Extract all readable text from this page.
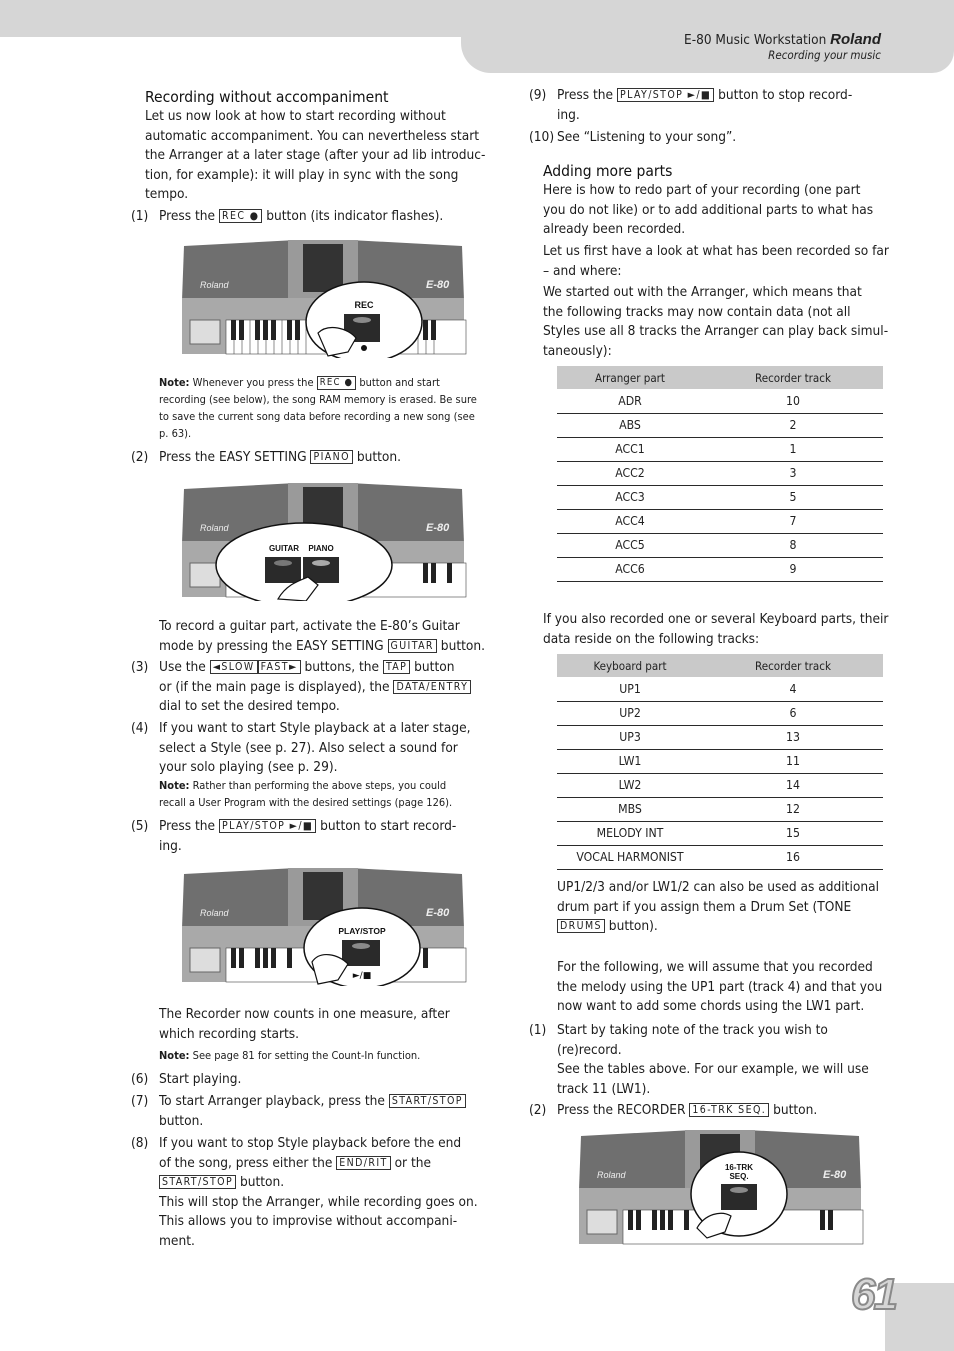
E-80 Music Workstation Roland
Recording your music
61
Recording without accompaniment
Let us now look at how to start recording without
automatic accompaniment. You can nevertheless start
the Arranger at a later stage (after your ad lib introduc-
tion, for example): it will play in sync with the song
tempo.
(1) Press the REC ● button (its indicator flashes).
Roland	E-80
REC
Note: Whenever you press the REC ● button and start
recording (see below), the song RAM memory is erased. Be sure
to save the current song data before recording a new song (see
p. 63).
(2) Press the EASY SETTING PIANO button.
Roland	E-80
GUITAR PIANO
To record a guitar part, activate the E-80’s Guitar
mode by pressing the EASY SETTING GUITAR button.
(3) Use the ◄SLOW FAST► buttons, the TAP button
or (if the main page is displayed), the DATA/ENTRY
dial to set the desired tempo.
(4) If you want to start Style playback at a later stage,
select a Style (see p. 27). Also select a sound for
your solo playing (see p. 29).
Note: Rather than performing the above steps, you could
recall a User Program with the desired settings (page 126).
(5) Press the PLAY/STOP ►/■ button to start record-
ing.
Roland	E-80
PLAY/STOP
►/■
The Recorder now counts in one measure, after
which recording starts.
Note: See page 81 for setting the Count-In function.
(6) Start playing.
(7) To start Arranger playback, press the START/STOP
button.
(8) If you want to stop Style playback before the end
of the song, press either the END/RIT or the
START/STOP button.
This will stop the Arranger, while recording goes on.
This allows you to improvise without accompani-
ment.
(9) Press the PLAY/STOP ►/■ button to stop record-
ing.
(10) See “Listening to your song”.
Adding more parts
Here is how to redo part of your recording (one part
you do not like) or to add additional parts to what has
already been recorded.
Let us first have a look at what has been recorded so far
– and where:
We started out with the Arranger, which means that
the following tracks may now contain data (not all
Styles use all 8 tracks the Arranger can play back simul-
taneously):
Arranger part	Recorder track
ADR	10
ABS	2
ACC1	1
ACC2	3
ACC3	5
ACC4	7
ACC5	8
ACC6	9
If you also recorded one or several Keyboard parts, their
data reside on the following tracks:
Keyboard part	Recorder track
UP1	4
UP2	6
UP3	13
LW1	11
LW2	14
MBS	12
MELODY INT	15
VOCAL HARMONIST	16
UP1/2/3 and/or LW1/2 can also be used as additional
drum part if you assign them a Drum Set (TONE
DRUMS button).
For the following, we will assume that you recorded
the melody using the UP1 part (track 4) and that you
now want to add some chords using the LW1 part.
(1) Start by taking note of the track you wish to
(re)record.
See the tables above. For our example, we will use
track 11 (LW1).
(2) Press the RECORDER 16-TRK SEQ. button.
Roland	E-80
16-TRK
SEQ.
